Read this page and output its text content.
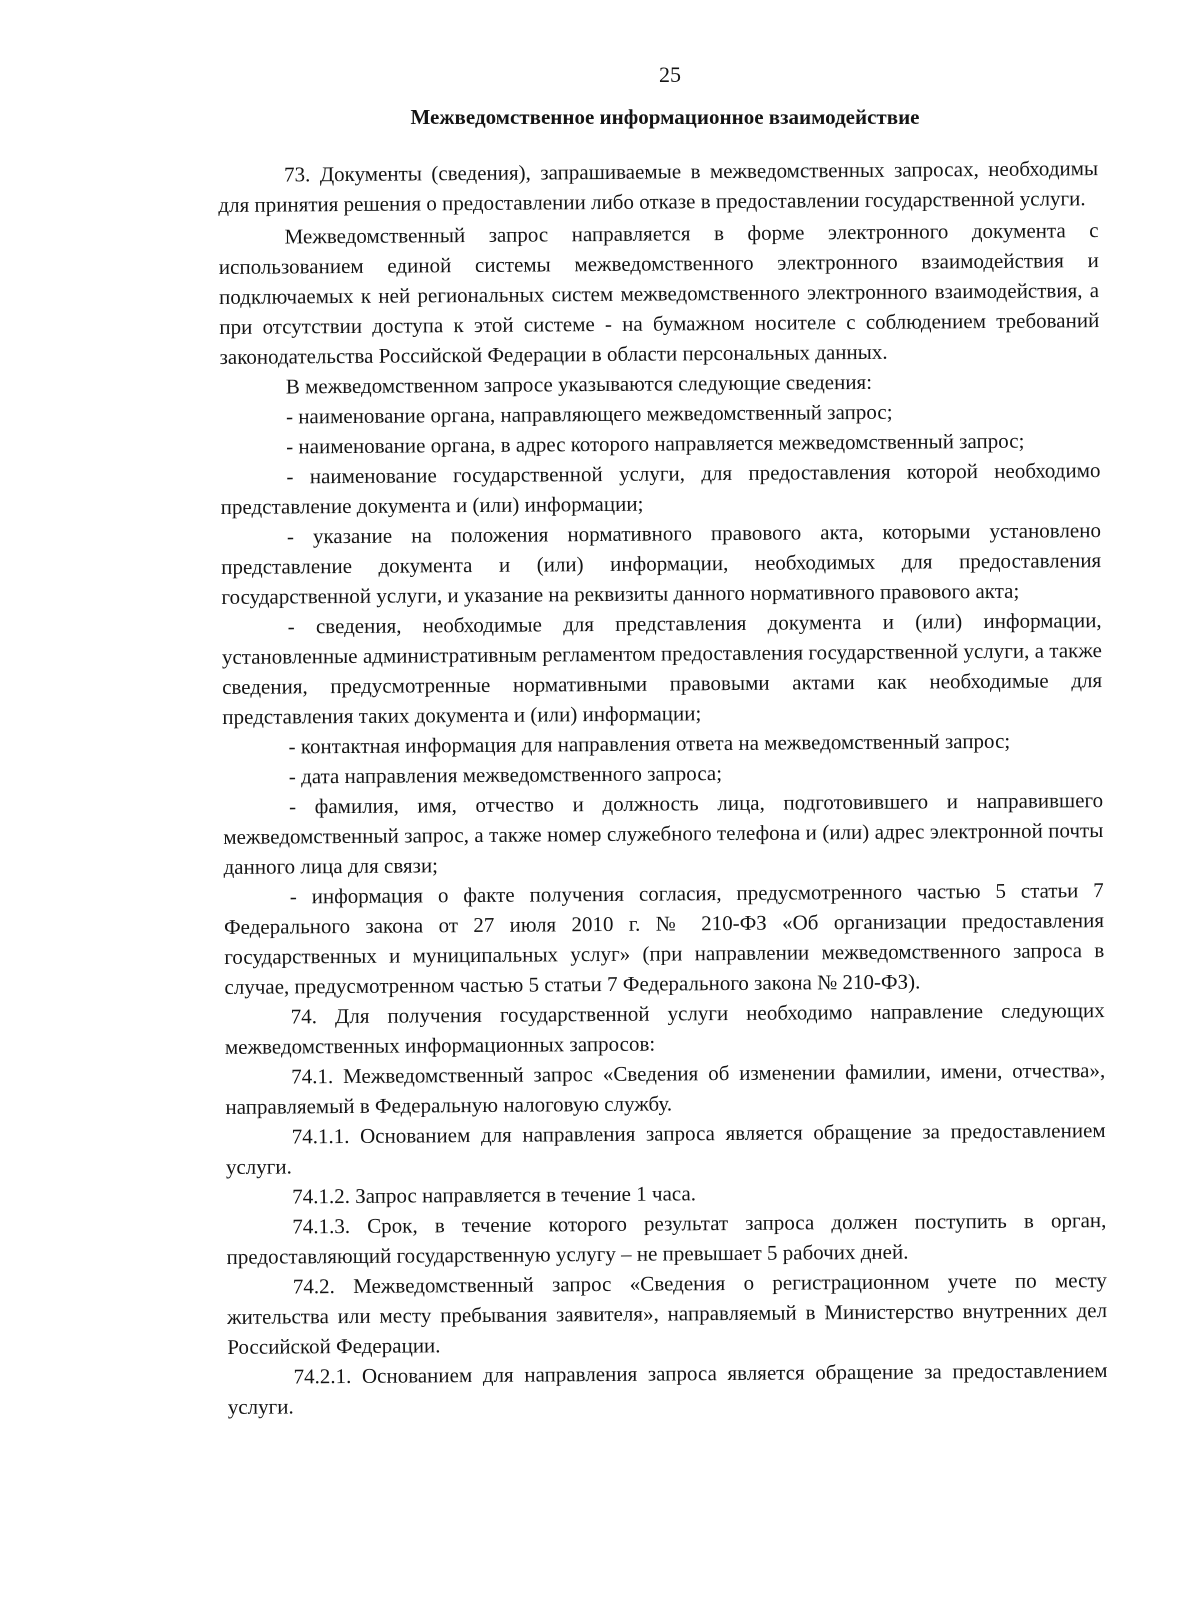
25
Межведомственное информационное взаимодействие

73. Документы (сведения), запрашиваемые в межведомственных запросах, необходимы для принятия решения о предоставлении либо отказе в предоставлении государственной услуги.

Межведомственный запрос направляется в форме электронного документа с использованием единой системы межведомственного электронного взаимодействия и подключаемых к ней региональных систем межведомственного электронного взаимодействия, а при отсутствии доступа к этой системе - на бумажном носителе с соблюдением требований законодательства Российской Федерации в области персональных данных.

В межведомственном запросе указываются следующие сведения:

- наименование органа, направляющего межведомственный запрос;

- наименование органа, в адрес которого направляется межведомственный запрос;

- наименование государственной услуги, для предоставления которой необходимо представление документа и (или) информации;

- указание на положения нормативного правового акта, которыми установлено представление документа и (или) информации, необходимых для предоставления государственной услуги, и указание на реквизиты данного нормативного правового акта;

- сведения, необходимые для представления документа и (или) информации, установленные административным регламентом предоставления государственной услуги, а также сведения, предусмотренные нормативными правовыми актами как необходимые для представления таких документа и (или) информации;

- контактная информация для направления ответа на межведомственный запрос;

- дата направления межведомственного запроса;

- фамилия, имя, отчество и должность лица, подготовившего и направившего межведомственный запрос, а также номер служебного телефона и (или) адрес электронной почты данного лица для связи;

- информация о факте получения согласия, предусмотренного частью 5 статьи 7 Федерального закона от 27 июля 2010 г. № 210-ФЗ «Об организации предоставления государственных и муниципальных услуг» (при направлении межведомственного запроса в случае, предусмотренном частью 5 статьи 7 Федерального закона № 210-ФЗ).

74. Для получения государственной услуги необходимо направление следующих межведомственных информационных запросов:

74.1. Межведомственный запрос «Сведения об изменении фамилии, имени, отчества», направляемый в Федеральную налоговую службу.

74.1.1. Основанием для направления запроса является обращение за предоставлением услуги.

74.1.2. Запрос направляется в течение 1 часа.

74.1.3. Срок, в течение которого результат запроса должен поступить в орган, предоставляющий государственную услугу – не превышает 5 рабочих дней.

74.2. Межведомственный запрос «Сведения о регистрационном учете по месту жительства или месту пребывания заявителя», направляемый в Министерство внутренних дел Российской Федерации.

74.2.1. Основанием для направления запроса является обращение за предоставлением услуги.
